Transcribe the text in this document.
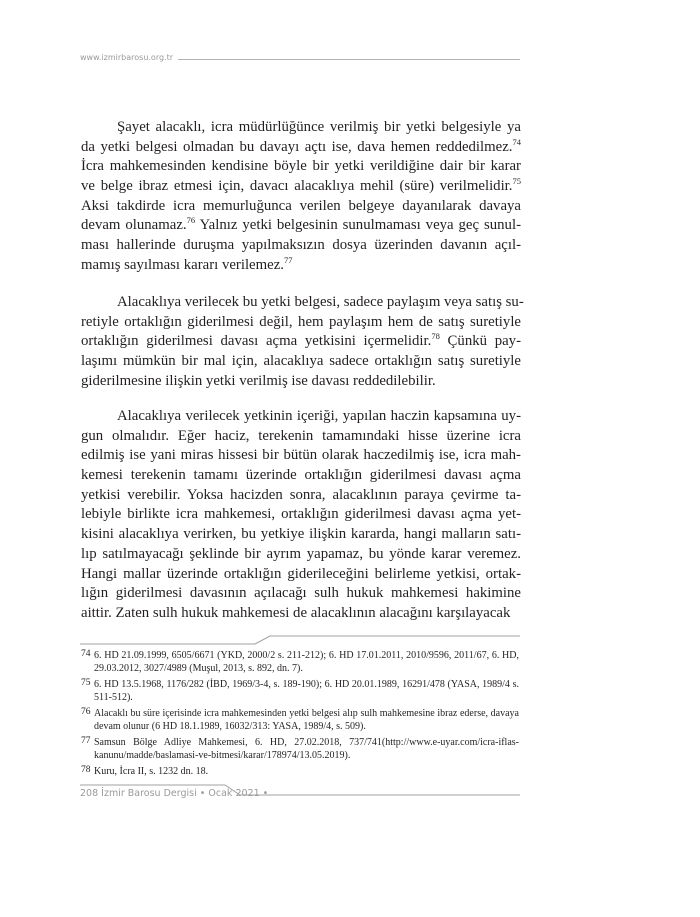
www.izmirbarosu.org.tr
Şayet alacaklı, icra müdürlüğünce verilmiş bir yetki belgesiyle ya
da yetki belgesi olmadan bu davayı açtı ise, dava hemen reddedilmez.$^{74}$
İcra mahkemesinden kendisine böyle bir yetki verildiğine dair bir karar
ve belge ibraz etmesi için, davacı alacaklıya mehil (süre) verilmelidir.$^{75}$
Aksi takdirde icra memurluğunca verilen belgeye dayanılarak davaya
devam olunamaz.$^{76}$ Yalnız yetki belgesinin sunulmaması veya geç sunul-
ması hallerinde duruşma yapılmaksızın dosya üzerinden davanın açıl-
mamış sayılması kararı verilemez.$^{77}$
Alacaklıya verilecek bu yetki belgesi, sadece paylaşım veya satış su-
retiyle ortaklığın giderilmesi değil, hem paylaşım hem de satış suretiyle
ortaklığın giderilmesi davası açma yetkisini içermelidir.$^{78}$ Çünkü pay-
laşımı mümkün bir mal için, alacaklıya sadece ortaklığın satış suretiyle
giderilmesine ilişkin yetki verilmiş ise davası reddedilebilir.
Alacaklıya verilecek yetkinin içeriği, yapılan haczin kapsamına uy-
gun olmalıdır. Eğer haciz, terekenin tamamındaki hisse üzerine icra
edilmiş ise yani miras hissesi bir bütün olarak haczedilmiş ise, icra mah-
kemesi terekenin tamamı üzerinde ortaklığın giderilmesi davası açma
yetkisi verebilir. Yoksa hacizden sonra, alacaklının paraya çevirme ta-
lebiyle birlikte icra mahkemesi, ortaklığın giderilmesi davası açma yet-
kisini alacaklıya verirken, bu yetkiye ilişkin kararda, hangi malların satı-
lıp satılmayacağı şeklinde bir ayrım yapamaz, bu yönde karar veremez.
Hangi mallar üzerinde ortaklığın giderileceğini belirleme yetkisi, ortak-
lığın giderilmesi davasının açılacağı sulh hukuk mahkemesi hakimine
aittir. Zaten sulh hukuk mahkemesi de alacaklının alacağını karşılayacak
74 6. HD 21.09.1999, 6505/6671 (YKD, 2000/2 s. 211-212); 6. HD 17.01.2011, 2010/9596, 2011/67, 6. HD, 29.03.2012, 3027/4989 (Muşul, 2013, s. 892, dn. 7).
75 6. HD 13.5.1968, 1176/282 (İBD, 1969/3-4, s. 189-190); 6. HD 20.01.1989, 16291/478 (YASA, 1989/4 s. 511-512).
76 Alacaklı bu süre içerisinde icra mahkemesinden yetki belgesi alıp sulh mahkemesine ibraz ederse, davaya devam olunur (6 HD 18.1.1989, 16032/313: YASA, 1989/4, s. 509).
77 Samsun Bölge Adliye Mahkemesi, 6. HD, 27.02.2018, 737/741(http://www.e-uyar.com/icra-iflas-kanunu/madde/baslamasi-ve-bitmesi/karar/178974/13.05.2019).
78 Kuru, İcra II, s. 1232 dn. 18.
208 İzmir Barosu Dergisi • Ocak 2021 •
